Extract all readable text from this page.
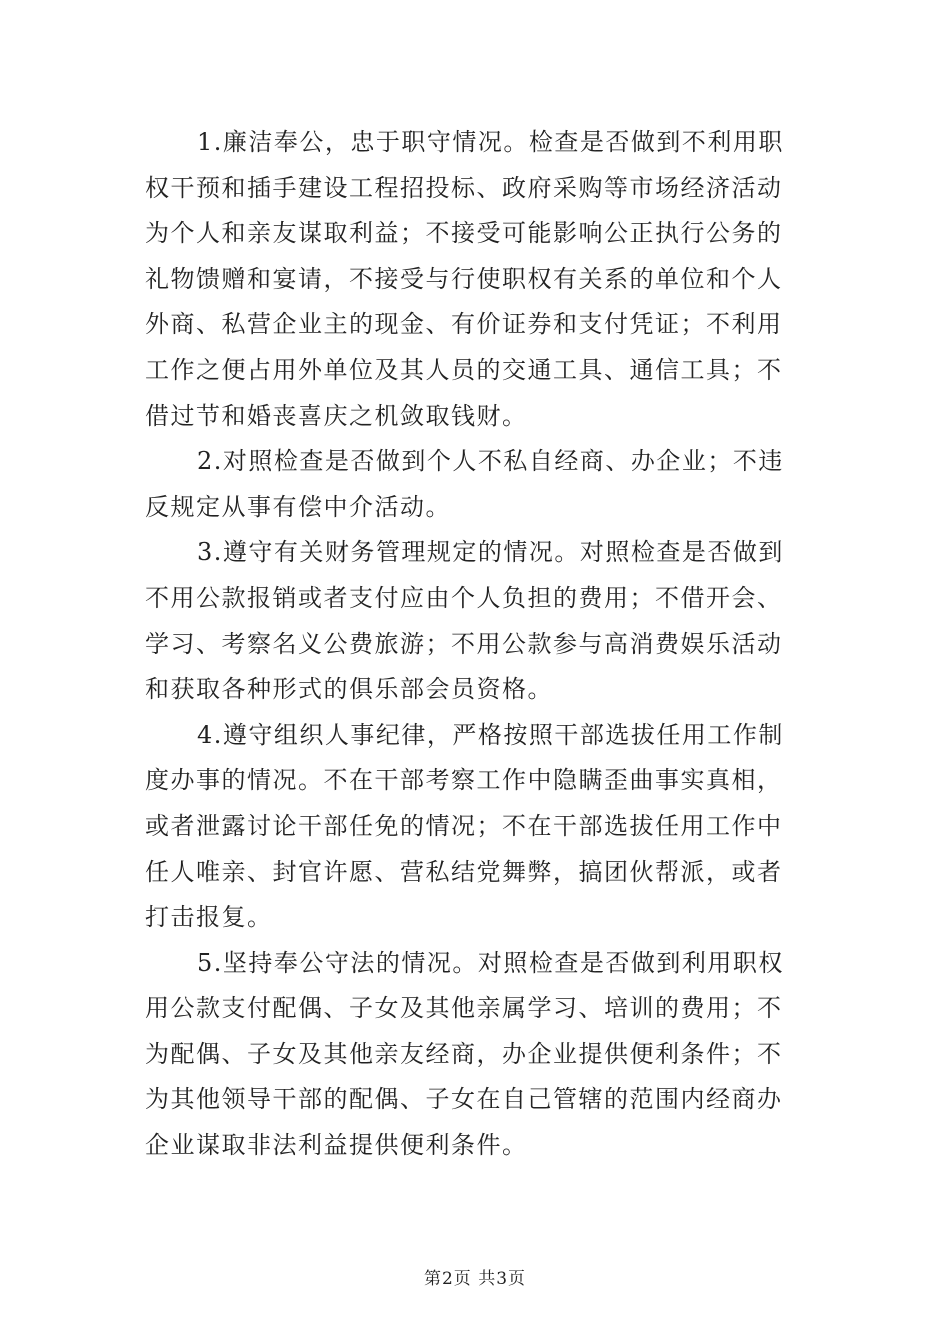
1.廉洁奉公，忠于职守情况。检查是否做到不利用职
权干预和插手建设工程招投标、政府采购等市场经济活动
为个人和亲友谋取利益；不接受可能影响公正执行公务的
礼物馈赠和宴请，不接受与行使职权有关系的单位和个人
外商、私营企业主的现金、有价证券和支付凭证；不利用
工作之便占用外单位及其人员的交通工具、通信工具；不
借过节和婚丧喜庆之机敛取钱财。

2.对照检查是否做到个人不私自经商、办企业；不违
反规定从事有偿中介活动。

3.遵守有关财务管理规定的情况。对照检查是否做到
不用公款报销或者支付应由个人负担的费用；不借开会、
学习、考察名义公费旅游；不用公款参与高消费娱乐活动
和获取各种形式的俱乐部会员资格。

4.遵守组织人事纪律，严格按照干部选拔任用工作制
度办事的情况。不在干部考察工作中隐瞒歪曲事实真相，
或者泄露讨论干部任免的情况；不在干部选拔任用工作中
任人唯亲、封官许愿、营私结党舞弊，搞团伙帮派，或者
打击报复。

5.坚持奉公守法的情况。对照检查是否做到利用职权
用公款支付配偶、子女及其他亲属学习、培训的费用；不
为配偶、子女及其他亲友经商，办企业提供便利条件；不
为其他领导干部的配偶、子女在自己管辖的范围内经商办
企业谋取非法利益提供便利条件。

第2页 共3页
